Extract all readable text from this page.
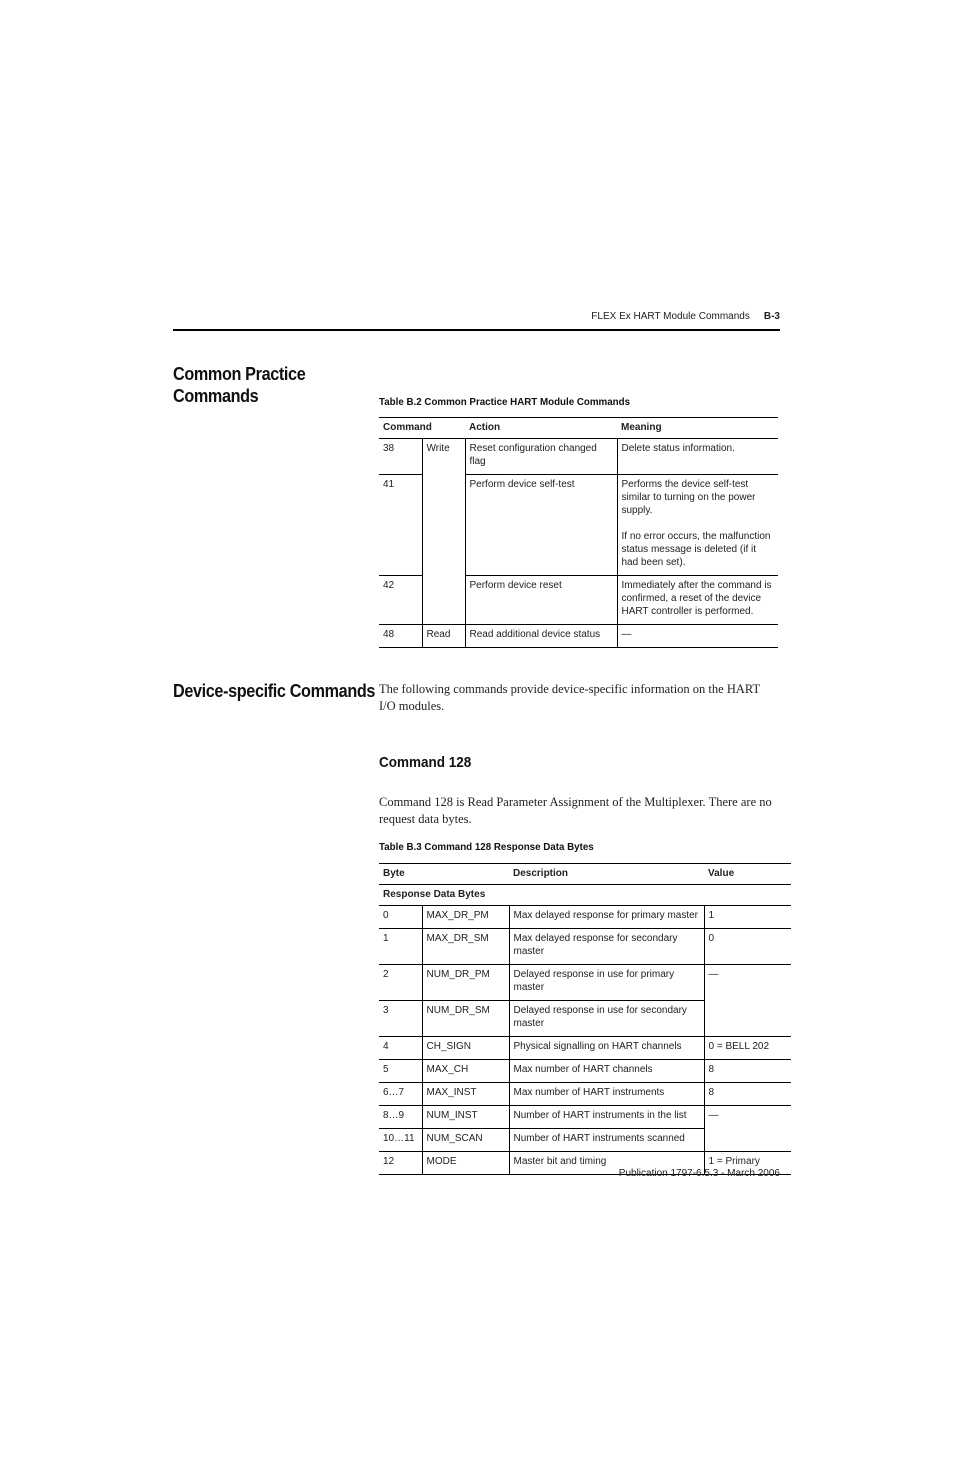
FLEX Ex HART Module Commands B-3
Common Practice
Commands	Table B.2 Common Practice HART Module Commands
Command		Action	Meaning
38	Write	Reset configuration changed flag	Delete status information.

41		Perform device self-test	Performs the device self-test similar to turning on the power supply.
If no error occurs, the malfunction status message is deleted (if it had been set).

42		Perform device reset	Immediately after the command is confirmed, a reset of the device HART controller is performed.

48	Read	Read additional device status	—
Device-specific Commands The following commands provide device-specific information on the HART
I/O modules.
Command 128
Command 128 is Read Parameter Assignment of the Multiplexer. There are no
request data bytes.
Table B.3 Command 128 Response Data Bytes
Byte		Description	Value
Response Data Bytes			
0	MAX_DR_PM	Max delayed response for primary master	1
1	MAX_DR_SM	Max delayed response for secondary master	0
2	NUM_DR_PM	Delayed response in use for primary master	—
3	NUM_DR_SM	Delayed response in use for secondary master	
4	CH_SIGN	Physical signalling on HART channels	0 = BELL 202
5	MAX_CH	Max number of HART channels	8
6…7	MAX_INST	Max number of HART instruments	8
8…9	NUM_INST	Number of HART instruments in the list	—
10…11	NUM_SCAN	Number of HART instruments scanned	
12	MODE	Master bit and timing	1 = Primary
Publication 1797-6.5.3 - March 2006
